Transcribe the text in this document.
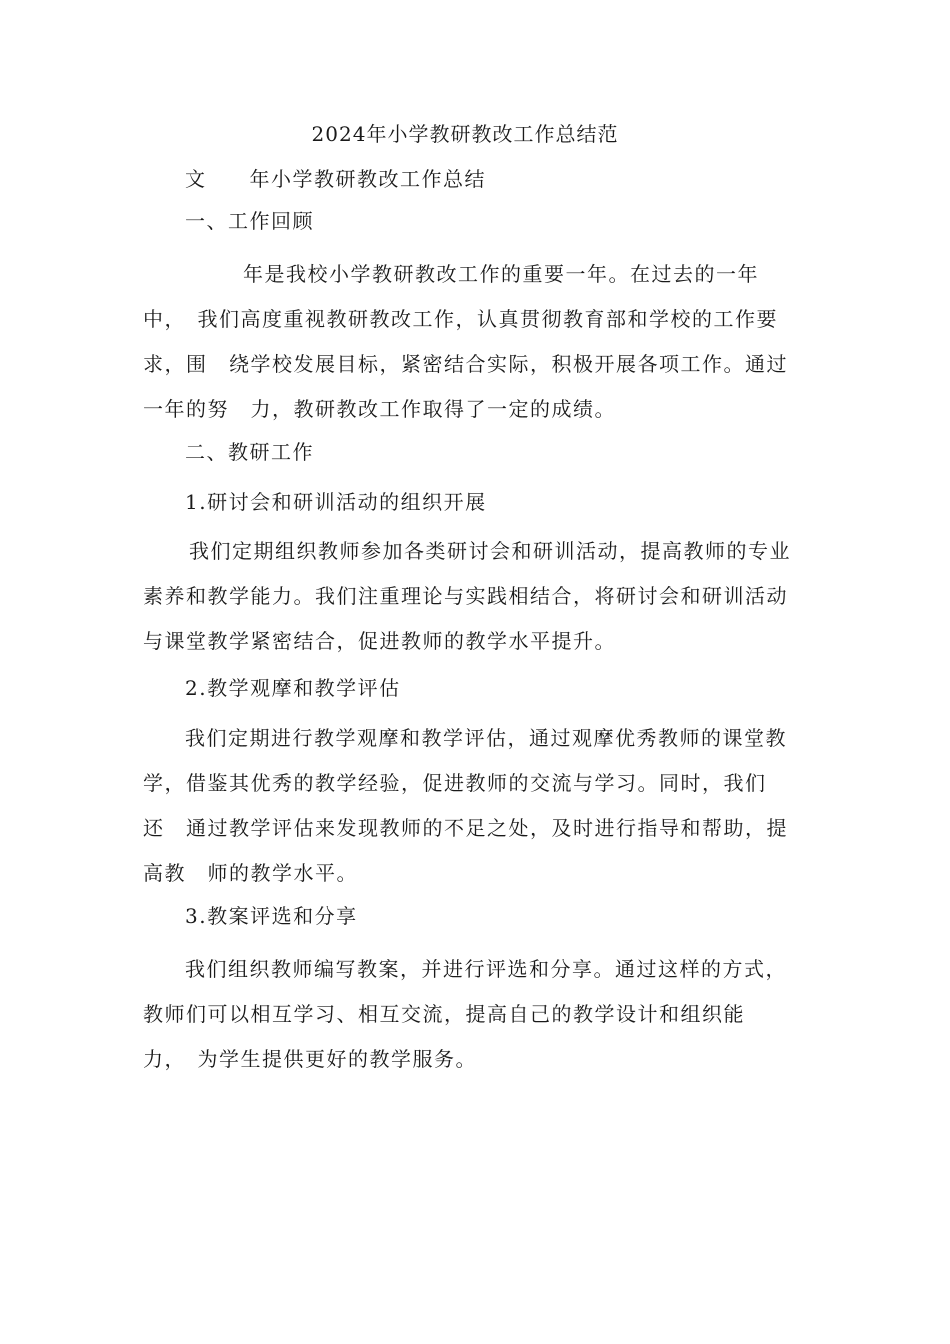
2024年小学教研教改工作总结范
文　　年小学教研教改工作总结
一、工作回顾
年是我校小学教研教改工作的重要一年。在过去的一年
中，　我们高度重视教研教改工作，认真贯彻教育部和学校的工作要
求，围　绕学校发展目标，紧密结合实际，积极开展各项工作。通过
一年的努　力，教研教改工作取得了一定的成绩。
二、教研工作
1.研讨会和研训活动的组织开展
我们定期组织教师参加各类研讨会和研训活动，提高教师的专业
素养和教学能力。我们注重理论与实践相结合，将研讨会和研训活动
与课堂教学紧密结合，促进教师的教学水平提升。
2.教学观摩和教学评估
我们定期进行教学观摩和教学评估，通过观摩优秀教师的课堂教
学，借鉴其优秀的教学经验，促进教师的交流与学习。同时，我们
还　通过教学评估来发现教师的不足之处，及时进行指导和帮助，提
高教　师的教学水平。
3.教案评选和分享
我们组织教师编写教案，并进行评选和分享。通过这样的方式，
教师们可以相互学习、相互交流，提高自己的教学设计和组织能
力，　为学生提供更好的教学服务。
